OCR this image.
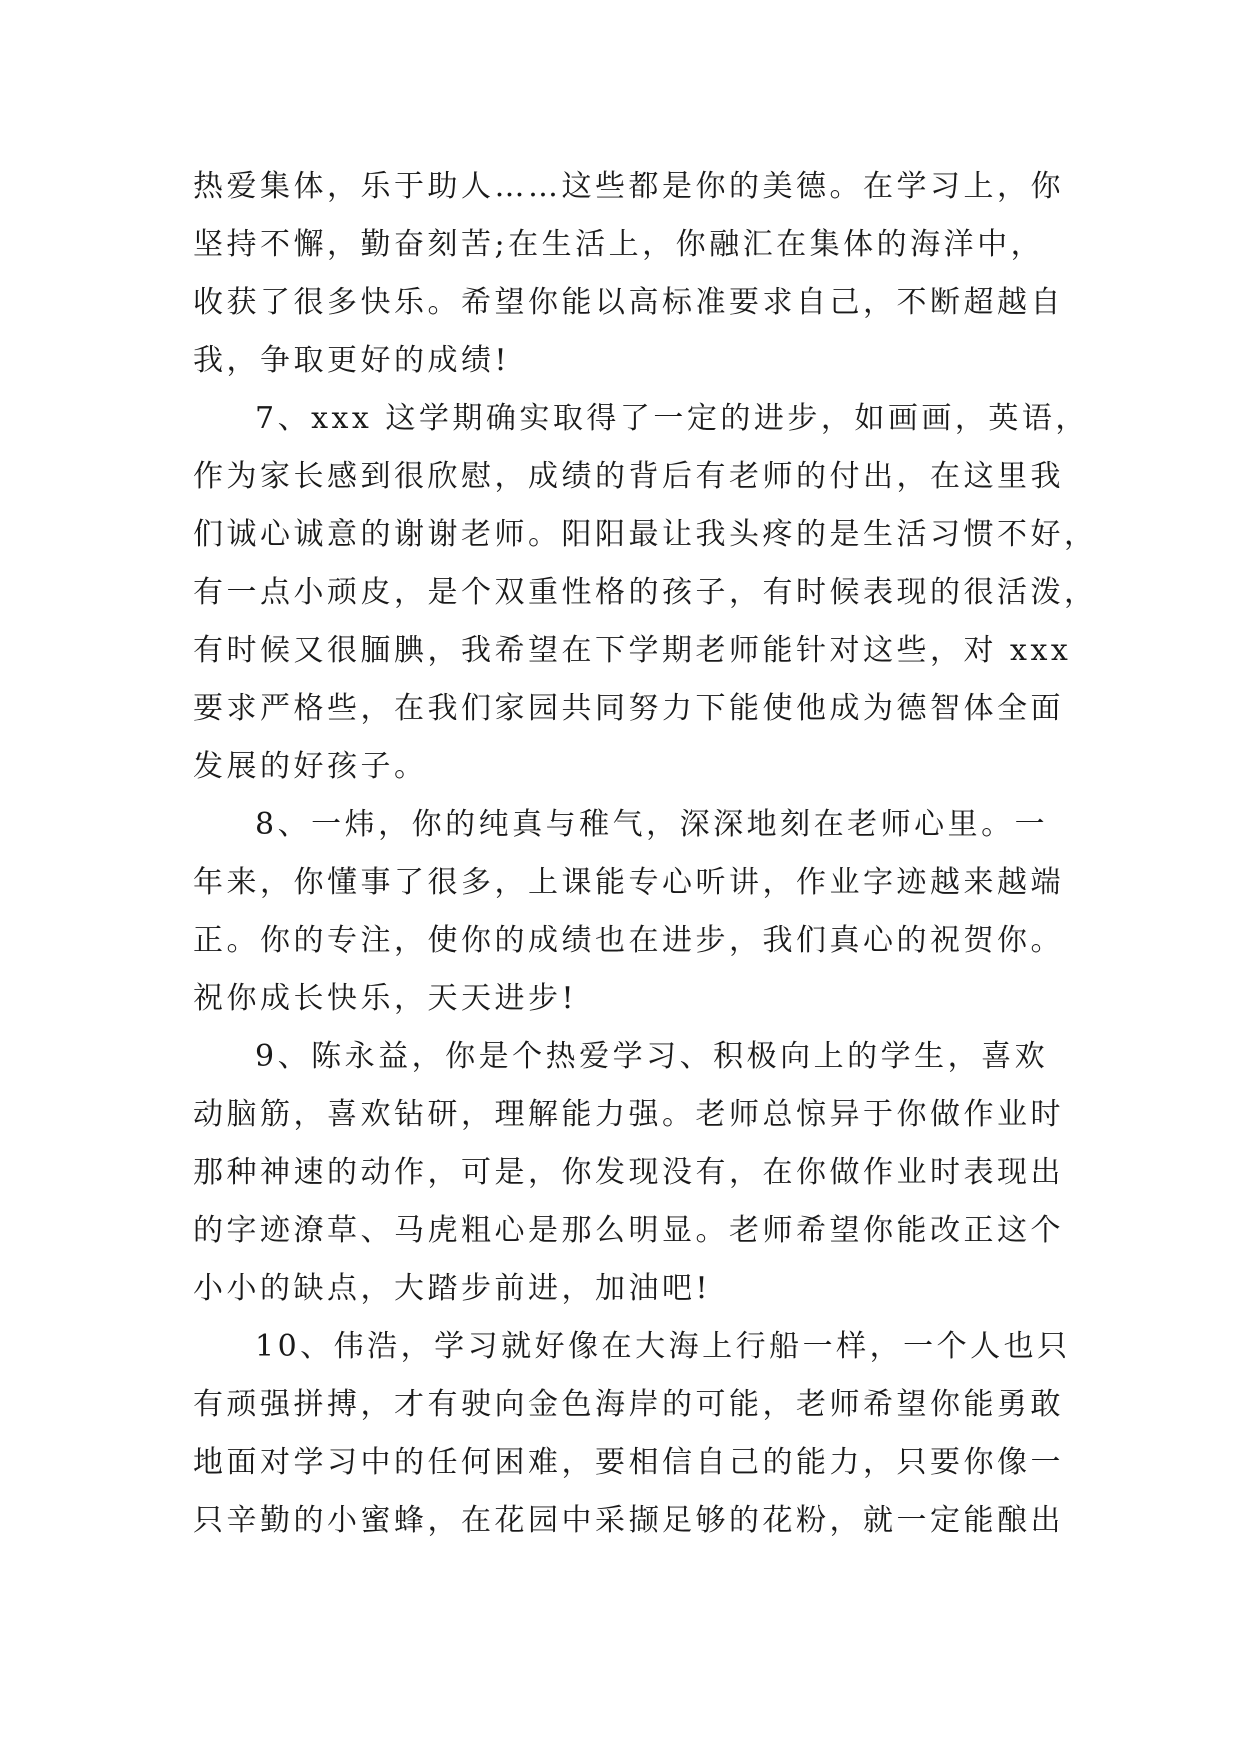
热爱集体，乐于助人……这些都是你的美德。在学习上，你
坚持不懈，勤奋刻苦;在生活上，你融汇在集体的海洋中，
收获了很多快乐。希望你能以高标准要求自己，不断超越自
我，争取更好的成绩!
7、xxx 这学期确实取得了一定的进步，如画画，英语，
作为家长感到很欣慰，成绩的背后有老师的付出，在这里我
们诚心诚意的谢谢老师。阳阳最让我头疼的是生活习惯不好，
有一点小顽皮，是个双重性格的孩子，有时候表现的很活泼，
有时候又很腼腆，我希望在下学期老师能针对这些，对 xxx
要求严格些，在我们家园共同努力下能使他成为德智体全面
发展的好孩子。
8、一炜，你的纯真与稚气，深深地刻在老师心里。一
年来，你懂事了很多，上课能专心听讲，作业字迹越来越端
正。你的专注，使你的成绩也在进步，我们真心的祝贺你。
祝你成长快乐，天天进步!
9、陈永益，你是个热爱学习、积极向上的学生，喜欢
动脑筋，喜欢钻研，理解能力强。老师总惊异于你做作业时
那种神速的动作，可是，你发现没有，在你做作业时表现出
的字迹潦草、马虎粗心是那么明显。老师希望你能改正这个
小小的缺点，大踏步前进，加油吧!
10、伟浩，学习就好像在大海上行船一样，一个人也只
有顽强拼搏，才有驶向金色海岸的可能，老师希望你能勇敢
地面对学习中的任何困难，要相信自己的能力，只要你像一
只辛勤的小蜜蜂，在花园中采撷足够的花粉，就一定能酿出
